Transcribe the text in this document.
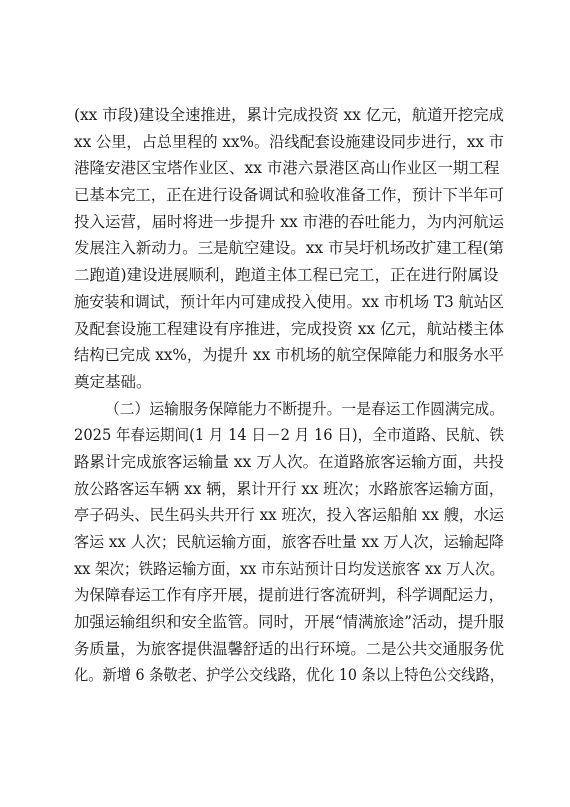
(xx 市段)建设全速推进，累计完成投资 xx 亿元，航道开挖完成
xx 公里，占总里程的 xx%。沿线配套设施建设同步进行，xx 市
港隆安港区宝塔作业区、xx 市港六景港区高山作业区一期工程
已基本完工，正在进行设备调试和验收准备工作，预计下半年可
投入运营，届时将进一步提升 xx 市港的吞吐能力，为内河航运
发展注入新动力。三是航空建设。xx 市吴圩机场改扩建工程(第
二跑道)建设进展顺利，跑道主体工程已完工，正在进行附属设
施安装和调试，预计年内可建成投入使用。xx 市机场 T3 航站区
及配套设施工程建设有序推进，完成投资 xx 亿元，航站楼主体
结构已完成 xx%，为提升 xx 市机场的航空保障能力和服务水平
奠定基础。
（二）运输服务保障能力不断提升。一是春运工作圆满完成。
2025 年春运期间(1 月 14 日－2 月 16 日)，全市道路、民航、铁
路累计完成旅客运输量 xx 万人次。在道路旅客运输方面，共投
放公路客运车辆 xx 辆，累计开行 xx 班次；水路旅客运输方面，
亭子码头、民生码头共开行 xx 班次，投入客运船舶 xx 艘，水运
客运 xx 人次；民航运输方面，旅客吞吐量 xx 万人次，运输起降
xx 架次；铁路运输方面，xx 市东站预计日均发送旅客 xx 万人次。
为保障春运工作有序开展，提前进行客流研判，科学调配运力，
加强运输组织和安全监管。同时，开展“情满旅途”活动，提升服
务质量，为旅客提供温馨舒适的出行环境。二是公共交通服务优
化。新增 6 条敬老、护学公交线路，优化 10 条以上特色公交线路，
